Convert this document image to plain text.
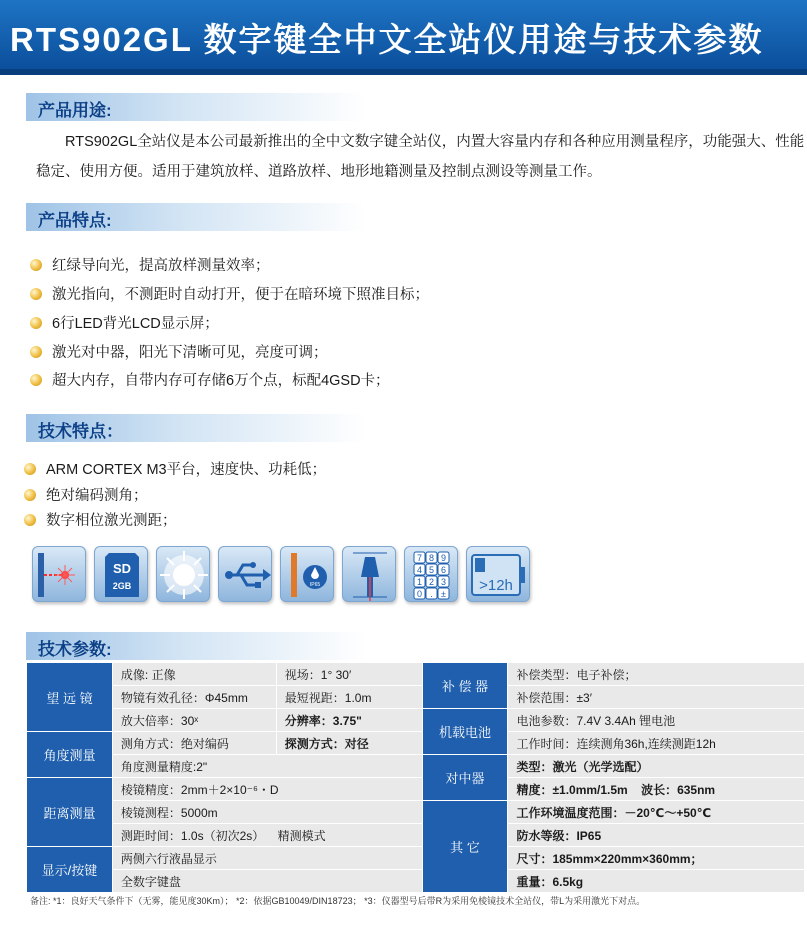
RTS902GL 数字键全中文全站仪用途与技术参数
产品用途:
RTS902GL全站仪是本公司最新推出的全中文数字键全站仪，内置大容量内存和各种应用测量程序，功能强大、性能稳定、使用方便。适用于建筑放样、道路放样、地形地籍测量及控制点测设等测量工作。
产品特点:
红绿导向光，提高放样测量效率；
激光指向，不测距时自动打开，便于在暗环境下照准目标；
6行LED背光LCD显示屏；
激光对中器，阳光下清晰可见，亮度可调；
超大内存，自带内存可存储6万个点，标配4GSD卡；
技术特点：
ARM CORTEX M3平台，速度快、功耗低；
绝对编码测角；
数字相位激光测距；
SD
2GB	IP65
7 8 9
4 5 6
1 2 3
0 . ± >12h
技术参数:
望 远 镜	成像: 正像	视场：1° 30′	补 偿 器	补偿类型：电子补偿；
	物镜有效孔径：Φ45mm	最短视距：1.0m		补偿范围：±3′
	放大倍率：30ˣ	分辨率：3.75"	机载电池	电池参数：7.4V 3.4Ah 锂电池
角度测量	测角方式：绝对编码	探测方式：对径		工作时间：连续测角36h,连续测距12h
	角度测量精度:2"		对中器	类型：激光（光学选配）
距离测量	棱镜精度：2mm＋2×10⁻⁶・D			精度：±1.0mm/1.5m 波长：635nm
	棱镜测程：5000m		其 它	工作环境温度范围：－20℃～+50℃
	测距时间：1.0s（初次2s） 精测模式			防水等级：IP65
显示/按键	两侧六行液晶显示			尺寸：185mm×220mm×360mm；
	全数字键盘			重量：6.5kg
备注: *1：良好天气条件下（无雾，能见度30Km）； *2：依据GB10049/DIN18723； *3：仪器型号后带R为采用免棱镜技术全站仪，带L为采用激光下对点。
